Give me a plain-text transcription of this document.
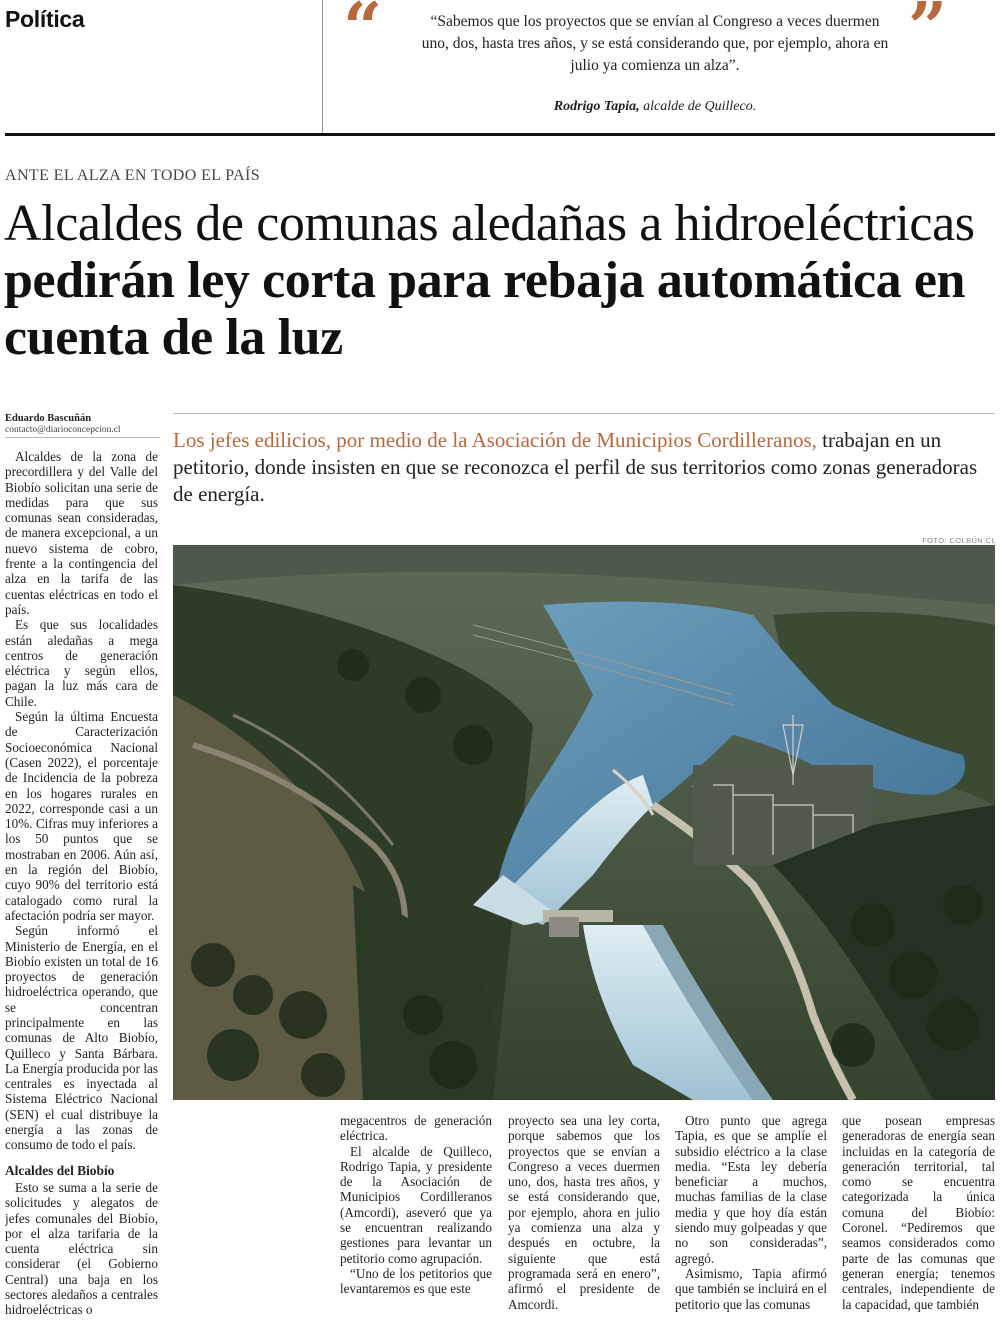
Política	“	“Sabemos que los proyectos que se envían al Congreso a veces duermen uno, dos, hasta tres años, y se está considerando que, por ejemplo, ahora en julio ya comienza un alza”.
Rodrigo Tapia, alcalde de Quilleco.
”
ANTE EL ALZA EN TODO EL PAÍS
Alcaldes de comunas aledañas a hidroeléctricas pedirán ley corta para rebaja automática en cuenta de la luz
Eduardo Bascuñán
contacto@diarioconcepcion.cl Los jefes edilicios, por medio de la Asociación de Municipios Cordilleranos, trabajan en un petitorio, donde insisten en que se reconozca el perfil de sus territorios como zonas generadoras de energía.
FOTO: COLBÚN.CL

Alcaldes de la zona de precordillera y del Valle del Biobío solicitan una serie de medidas para que sus comunas sean consideradas, de manera excepcional, a un nuevo sistema de cobro, frente a la contingencia del alza en la tarifa de las cuentas eléctricas en todo el país.

Es que sus localidades están aledañas a mega centros de generación eléctrica y según ellos, pagan la luz más cara de Chile.

Según la última Encuesta de Caracterización Socioeconómica Nacional (Casen 2022), el porcentaje de Incidencia de la pobreza en los hogares rurales en 2022, corresponde casi a un 10%. Cifras muy inferiores a los 50 puntos que se mostraban en 2006. Aún así, en la región del Biobío, cuyo 90% del territorio está catalogado como rural la afectación podría ser mayor.

Según informó el Ministerio de Energía, en el Biobío existen un total de 16 proyectos de generación hidroeléctrica operando, que se concentran principalmente en las comunas de Alto Biobío, Quilleco y Santa Bárbara. La Energía producida por las centrales es inyectada al Sistema Eléctrico Nacional (SEN) el cual distribuye la energía a las zonas de consumo de todo el país.

Alcaldes del Biobío

Esto se suma a la serie de solicitudes y alegatos de jefes comunales del Biobío, por el alza tarifaria de la cuenta eléctrica sin considerar (el Gobierno Central) una baja en los sectores aledaños a centrales hidroeléctricas o

megacentros de generación eléctrica.

El alcalde de Quilleco, Rodrigo Tapia, y presidente de la Asociación de Municipios Cordilleranos (Amcordi), aseveró que ya se encuentran realizando gestiones para levantar un petitorio como agrupación.

“Uno de los petitorios que levantaremos es que este

proyecto sea una ley corta, porque sabemos que los proyectos que se envían a Congreso a veces duermen uno, dos, hasta tres años, y se está considerando que, por ejemplo, ahora en julio ya comienza una alza y después en octubre, la siguiente que está programada será en enero”, afirmó el presidente de Amcordi.

Otro punto que agrega Tapia, es que se amplíe el subsidio eléctrico a la clase media. “Esta ley debería beneficiar a muchos, muchas familias de la clase media y que hoy día están siendo muy golpeadas y que no son consideradas”, agregó.

Asimismo, Tapia afirmó que también se incluirá en el petitorio que las comunas

que posean empresas generadoras de energía sean incluidas en la categoría de generación territorial, tal como se encuentra categorizada la única comuna del Biobío: Coronel. “Pediremos que seamos considerados como parte de las comunas que generan energía; tenemos centrales, independiente de la capacidad, que también
